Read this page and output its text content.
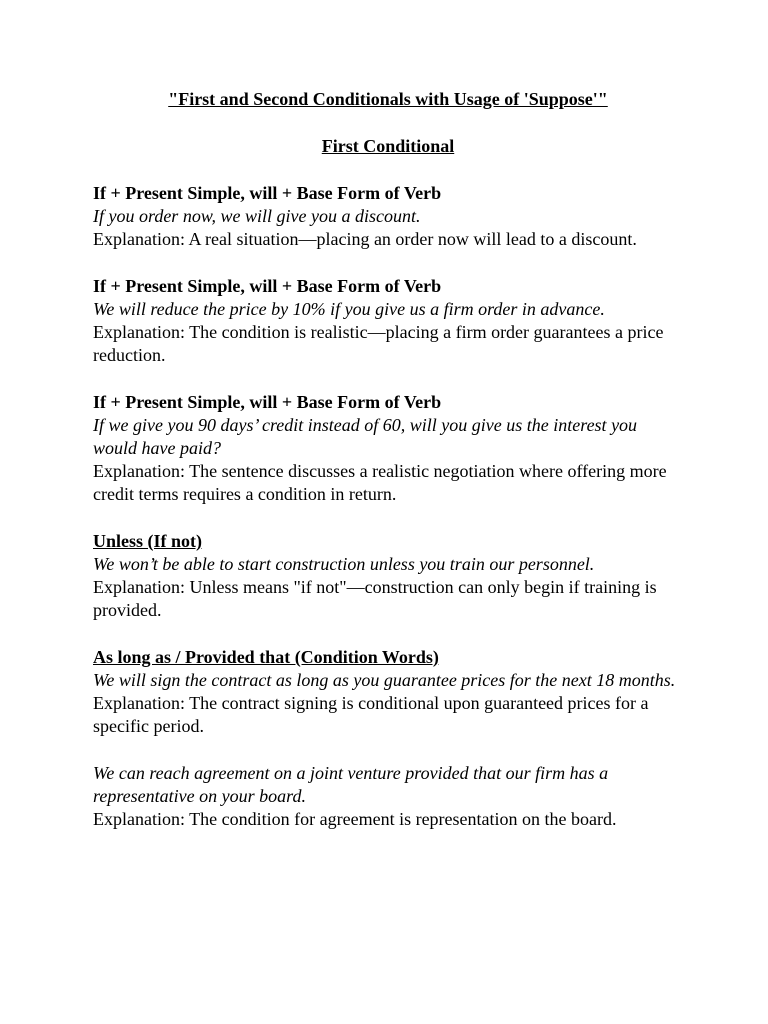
"First and Second Conditionals with Usage of 'Suppose'"
First Conditional
If + Present Simple, will + Base Form of Verb
If you order now, we will give you a discount.
Explanation: A real situation—placing an order now will lead to a discount.
If + Present Simple, will + Base Form of Verb
We will reduce the price by 10% if you give us a firm order in advance.
Explanation: The condition is realistic—placing a firm order guarantees a price reduction.
If + Present Simple, will + Base Form of Verb
If we give you 90 days’ credit instead of 60, will you give us the interest you would have paid?
Explanation: The sentence discusses a realistic negotiation where offering more credit terms requires a condition in return.
Unless (If not)
We won’t be able to start construction unless you train our personnel.
Explanation: Unless means "if not"—construction can only begin if training is provided.
As long as / Provided that (Condition Words)
We will sign the contract as long as you guarantee prices for the next 18 months.
Explanation: The contract signing is conditional upon guaranteed prices for a specific period.
We can reach agreement on a joint venture provided that our firm has a representative on your board.
Explanation: The condition for agreement is representation on the board.
